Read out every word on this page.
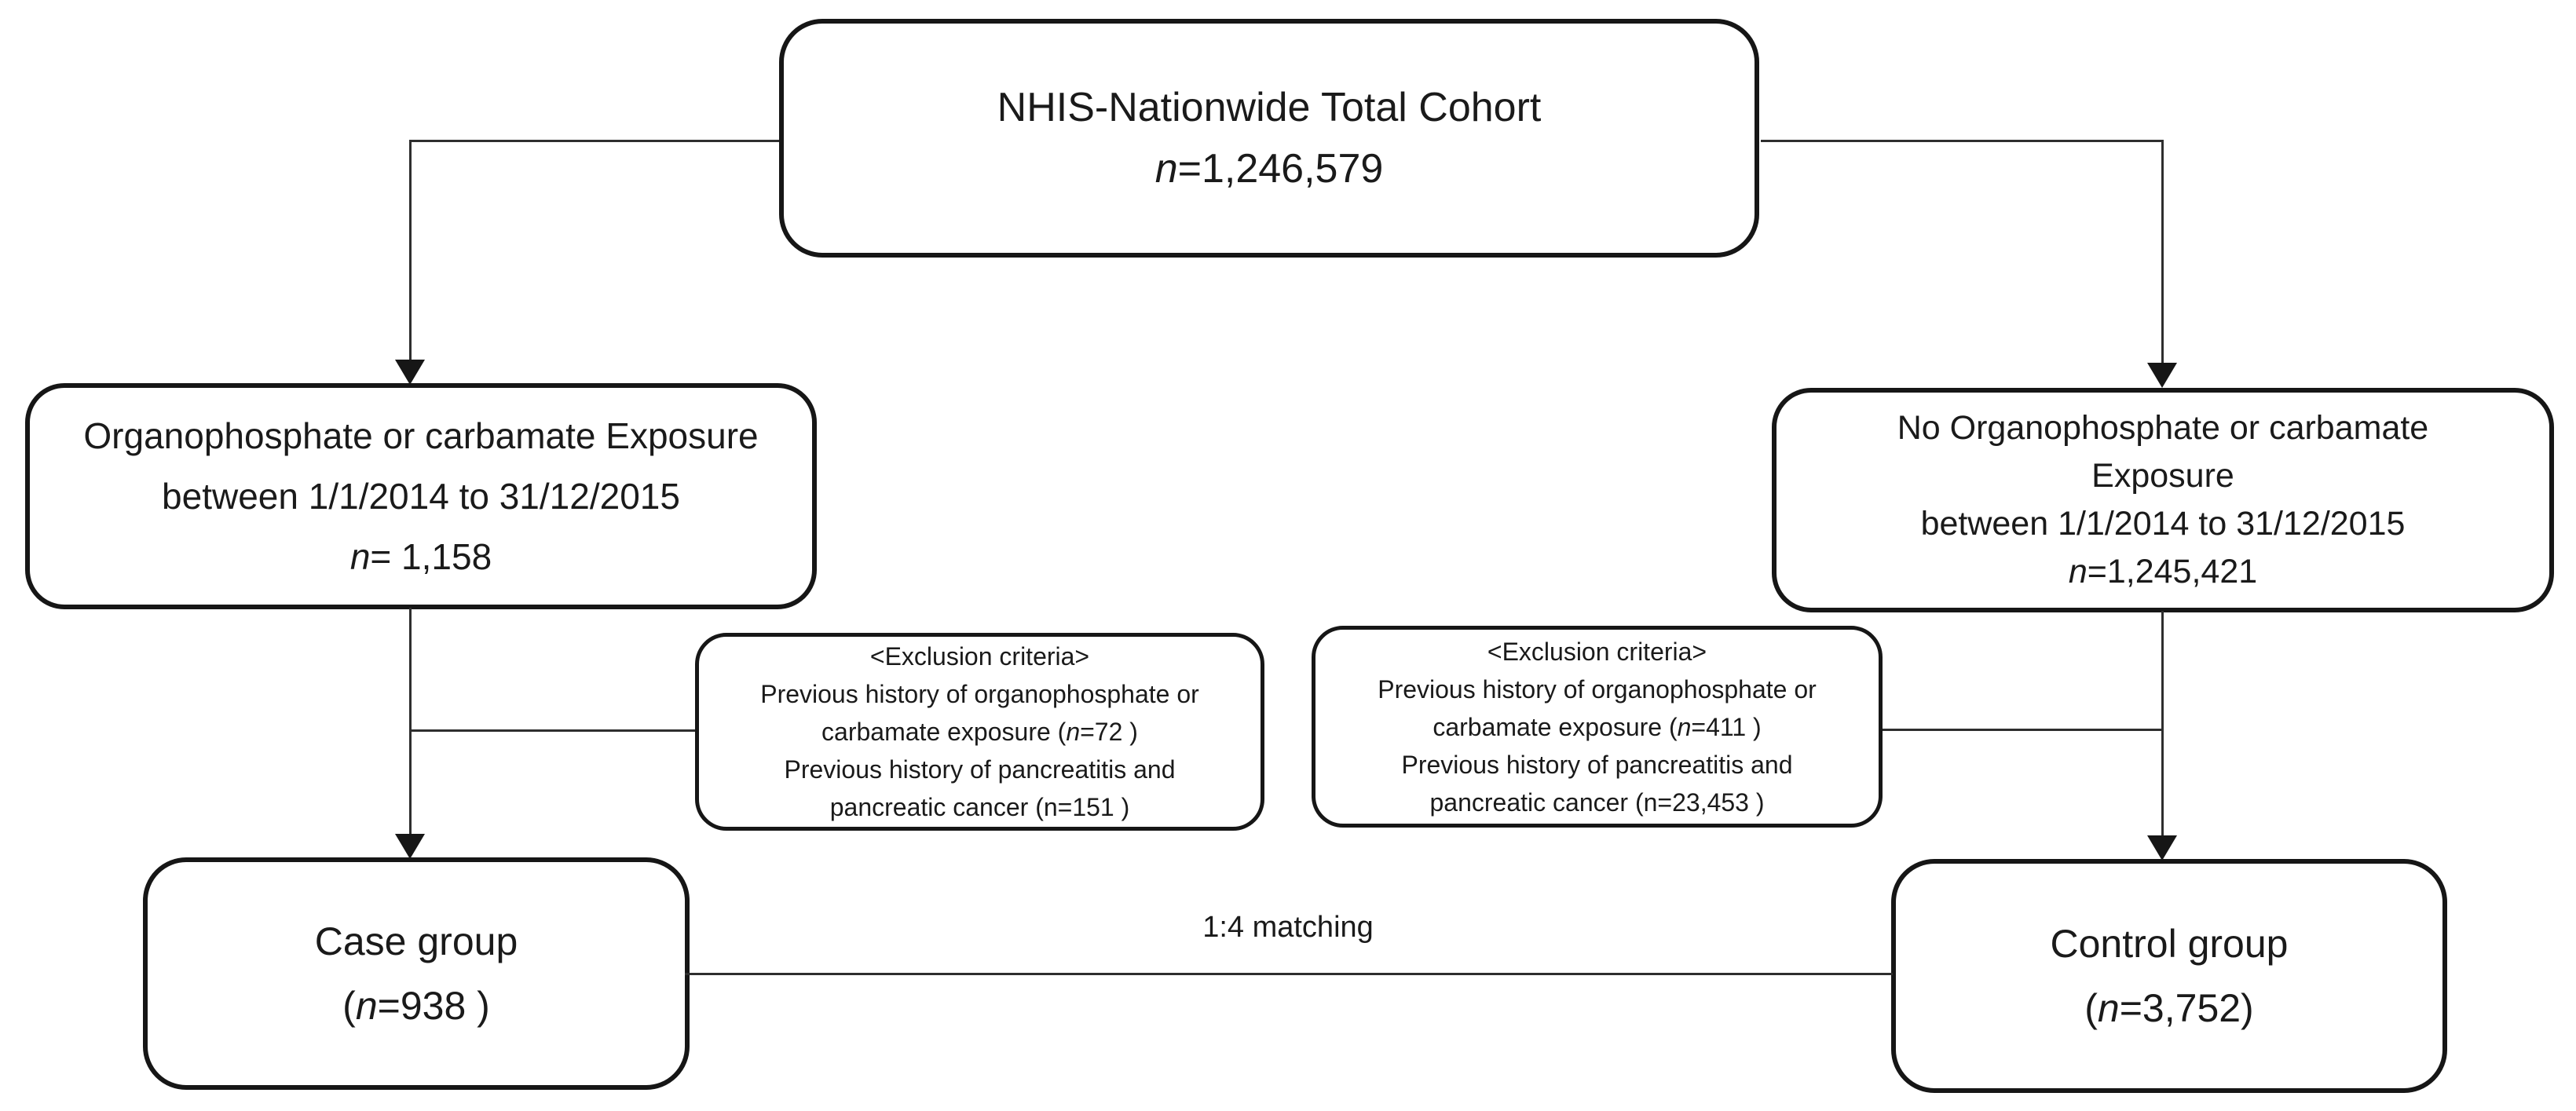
NHIS-Nationwide Total Cohort
n=1,246,579
Organophosphate or carbamate Exposure
between 1/1/2014 to 31/12/2015
n= 1,158
No Organophosphate or carbamate
Exposure
between 1/1/2014 to 31/12/2015
n=1,245,421
<Exclusion criteria>
Previous history of organophosphate or
carbamate exposure (n=72 )
Previous history of pancreatitis and
pancreatic cancer (n=151 )
<Exclusion criteria>
Previous history of organophosphate or
carbamate exposure (n=411 )
Previous history of pancreatitis and
pancreatic cancer (n=23,453 )
Case group
(n=938 )
Control group
(n=3,752)
1:4 matching
